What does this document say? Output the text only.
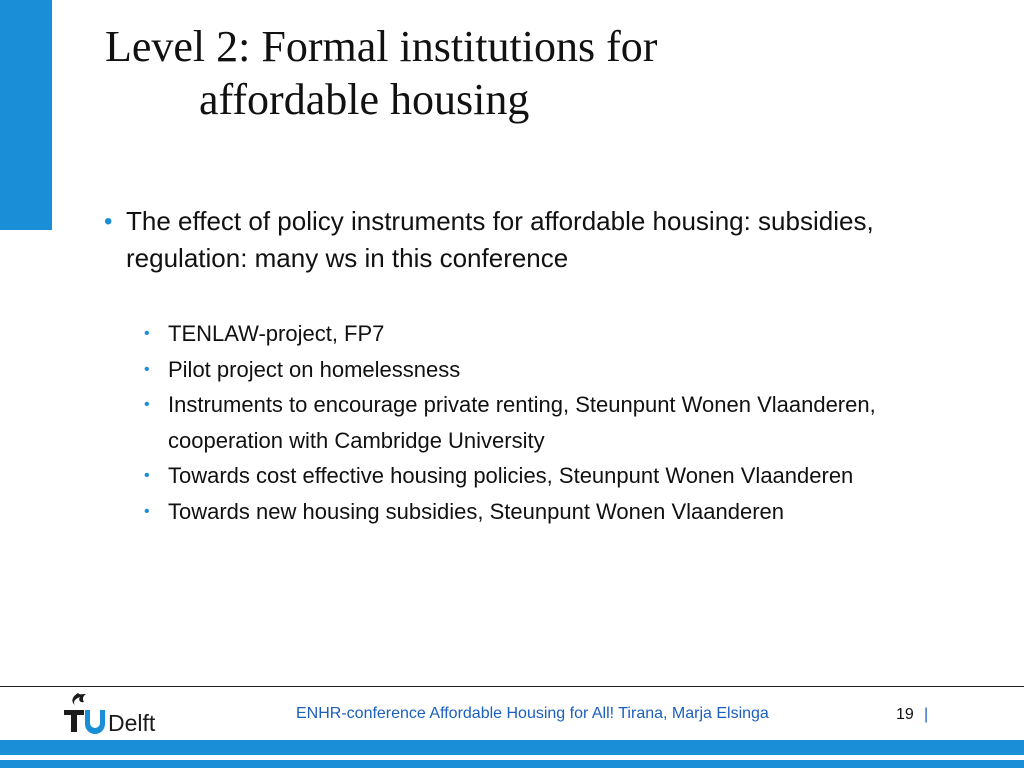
Level 2: Formal institutions for
affordable housing

• The effect of policy instruments for affordable housing: subsidies, regulation: many ws in this conference

• TENLAW-project, FP7
• Pilot project on homelessness
• Instruments to encourage private renting, Steunpunt Wonen Vlaanderen, cooperation with Cambridge University
• Towards cost effective housing policies, Steunpunt Wonen Vlaanderen
• Towards new housing subsidies, Steunpunt Wonen Vlaanderen
Delft	ENHR-conference Affordable Housing for All! Tirana, Marja Elsinga	19 |
